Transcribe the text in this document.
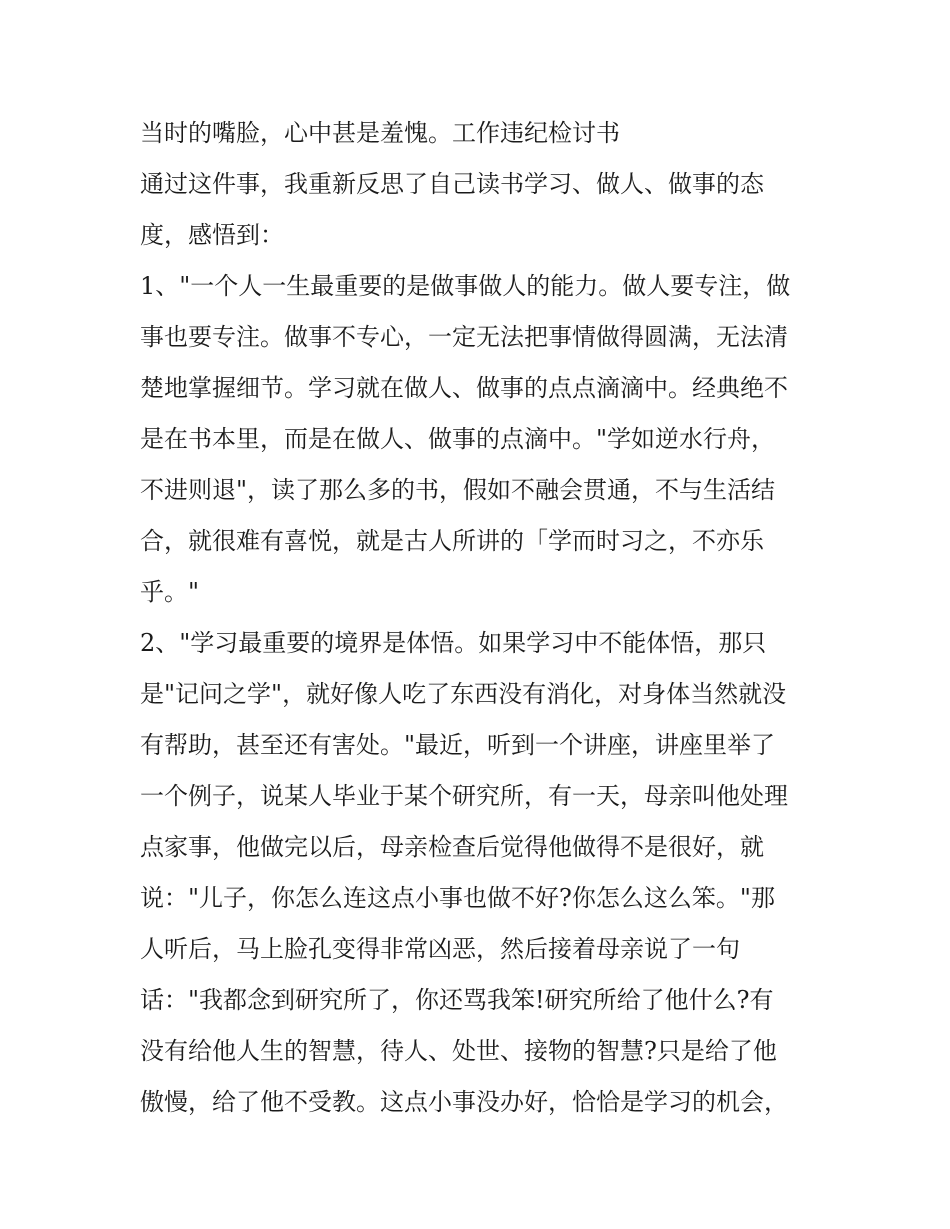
当时的嘴脸，心中甚是羞愧。工作违纪检讨书
通过这件事，我重新反思了自己读书学习、做人、做事的态
度，感悟到：
1、"一个人一生最重要的是做事做人的能力。做人要专注，做
事也要专注。做事不专心，一定无法把事情做得圆满，无法清
楚地掌握细节。学习就在做人、做事的点点滴滴中。经典绝不
是在书本里，而是在做人、做事的点滴中。"学如逆水行舟，
不进则退"，读了那么多的书，假如不融会贯通，不与生活结
合，就很难有喜悦，就是古人所讲的「学而时习之，不亦乐
乎。"
2、"学习最重要的境界是体悟。如果学习中不能体悟，那只
是"记问之学"，就好像人吃了东西没有消化，对身体当然就没
有帮助，甚至还有害处。"最近，听到一个讲座，讲座里举了
一个例子，说某人毕业于某个研究所，有一天，母亲叫他处理
点家事，他做完以后，母亲检查后觉得他做得不是很好，就
说："儿子，你怎么连这点小事也做不好?你怎么这么笨。"那
人听后，马上脸孔变得非常凶恶，然后接着母亲说了一句
话："我都念到研究所了，你还骂我笨!研究所给了他什么?有
没有给他人生的智慧，待人、处世、接物的智慧?只是给了他
傲慢，给了他不受教。这点小事没办好，恰恰是学习的机会，
